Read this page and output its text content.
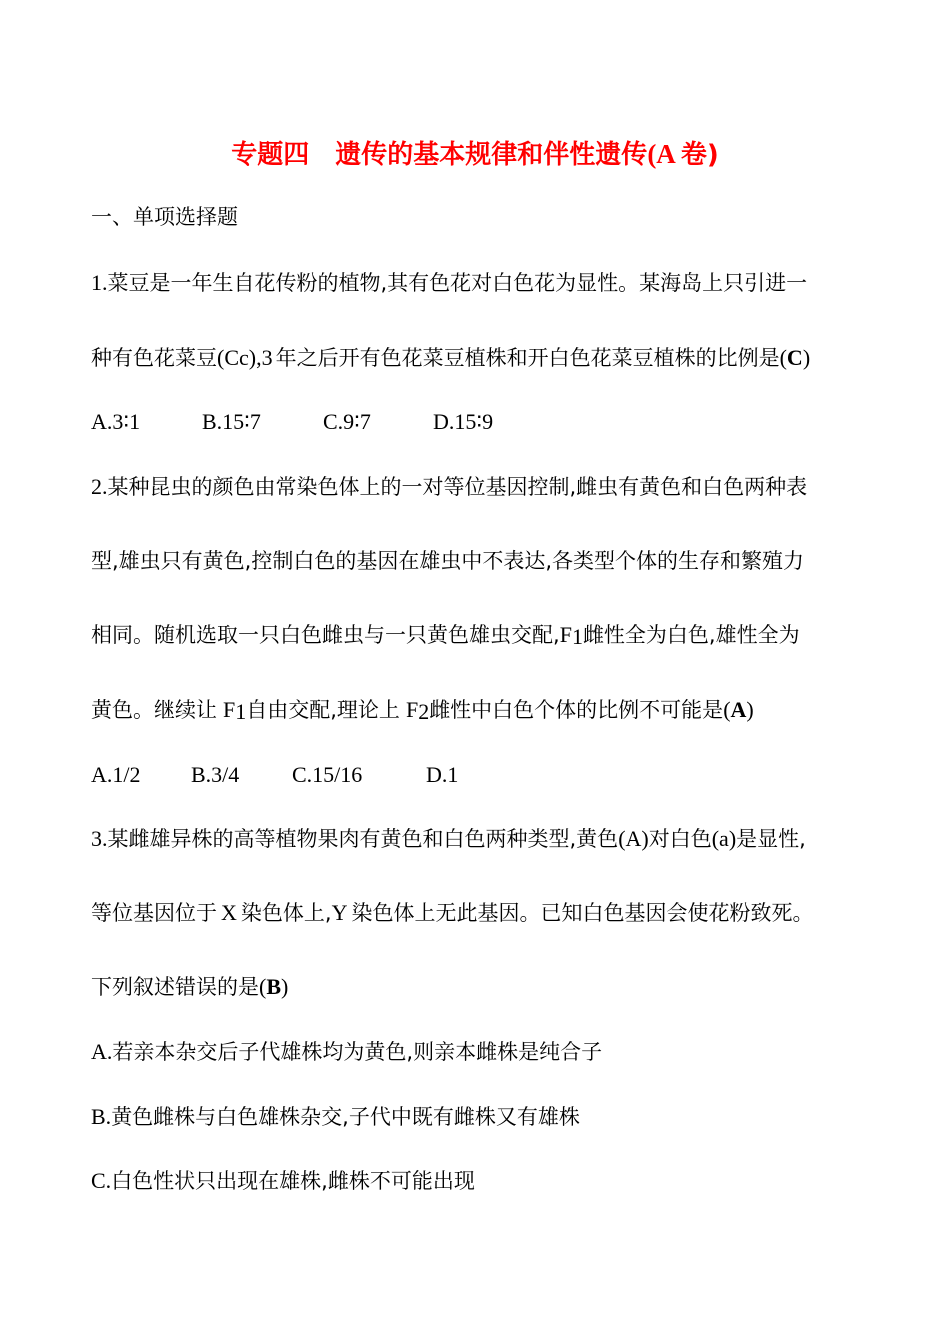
专题四 遗传的基本规律和伴性遗传(A 卷)
一、单项选择题
1.菜豆是一年生自花传粉的植物,其有色花对白色花为显性。某海岛上只引进一
种有色花菜豆(Cc),3 年之后开有色花菜豆植株和开白色花菜豆植株的比例是(C)
A.3∶1	B.15∶7	C.9∶7	D.15∶9
2.某种昆虫的颜色由常染色体上的一对等位基因控制,雌虫有黄色和白色两种表
型,雄虫只有黄色,控制白色的基因在雄虫中不表达,各类型个体的生存和繁殖力
相同。随机选取一只白色雌虫与一只黄色雄虫交配$,F_1$雌性全为白色,雄性全为
黄色。继续让 $F_1$自由交配,理论上 $F_2$雌性中白色个体的比例不可能是(A)
A.1/2 B.3/4 C.15/16	D.1
3.某雌雄异株的高等植物果肉有黄色和白色两种类型,黄色(A)对白色(a)是显性,
等位基因位于 X 染色体上,Y 染色体上无此基因。已知白色基因会使花粉致死。
下列叙述错误的是(B)
A.若亲本杂交后子代雄株均为黄色,则亲本雌株是纯合子
B.黄色雌株与白色雄株杂交,子代中既有雌株又有雄株
C.白色性状只出现在雄株,雌株不可能出现
